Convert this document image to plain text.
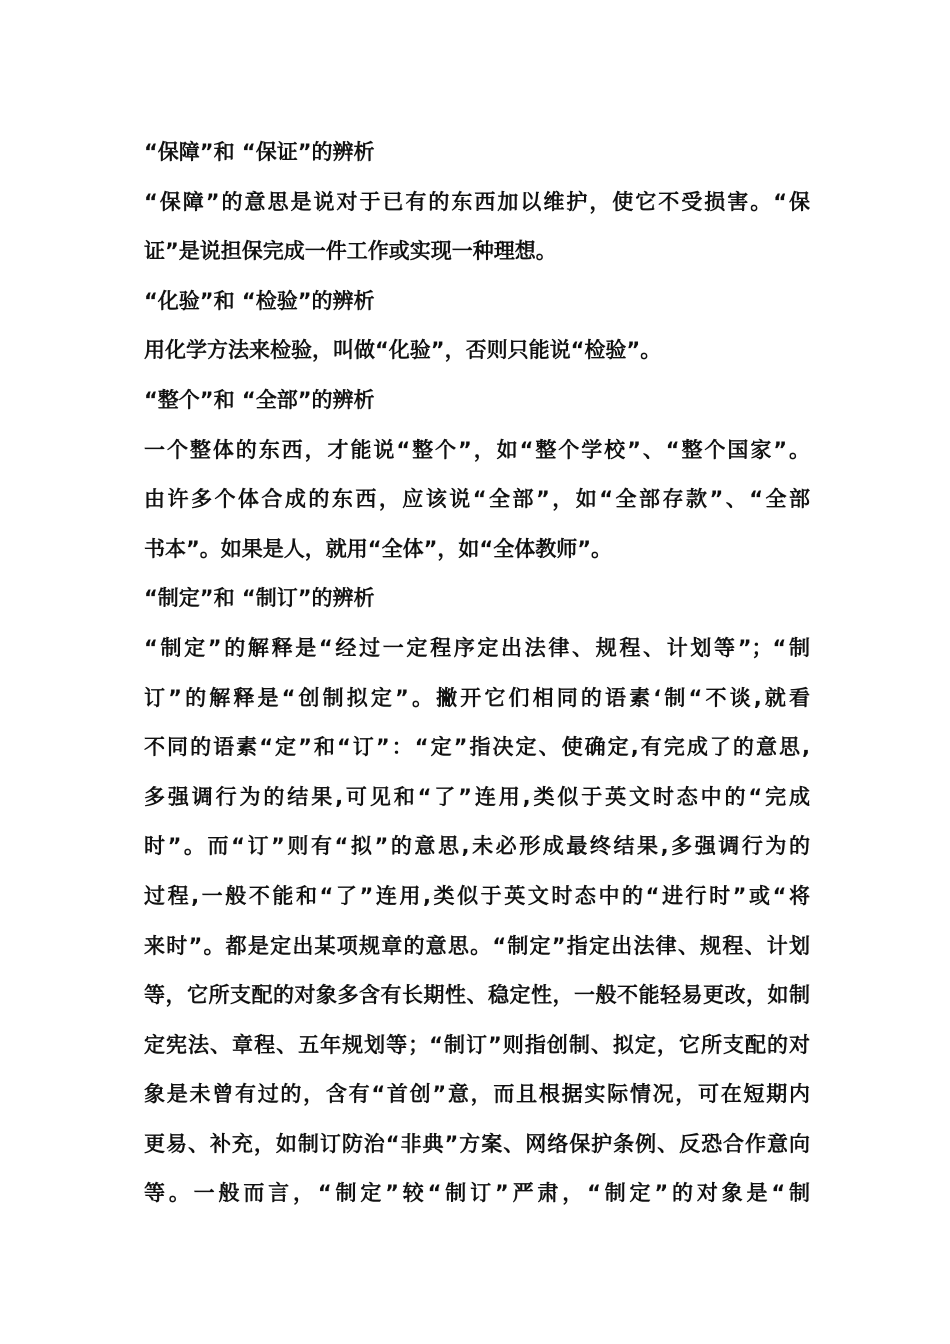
“保障”和 “保证”的辨析
“保障”的意思是说对于已有的东西加以维护，使它不受损害。“保
证”是说担保完成一件工作或实现一种理想。
“化验”和 “检验”的辨析
用化学方法来检验，叫做“化验”，否则只能说“检验”。
“整个”和 “全部”的辨析
一个整体的东西，才能说“整个”，如“整个学校”、“整个国家”。
由许多个体合成的东西，应该说“全部”，如“全部存款”、“全部
书本”。如果是人，就用“全体”，如“全体教师”。
“制定”和 “制订”的辨析
“制定”的解释是“经过一定程序定出法律、规程、计划等”；“制
订”的解释是“创制拟定”。撇开它们相同的语素‘制“不谈,就看
不同的语素“定”和“订”：“定”指决定、使确定,有完成了的意思,
多强调行为的结果,可见和“了”连用,类似于英文时态中的“完成
时”。而“订”则有“拟”的意思,未必形成最终结果,多强调行为的
过程,一般不能和“了”连用,类似于英文时态中的“进行时”或“将
来时”。都是定出某项规章的意思。“制定”指定出法律、规程、计划
等，它所支配的对象多含有长期性、稳定性，一般不能轻易更改，如制
定宪法、章程、五年规划等；“制订”则指创制、拟定，它所支配的对
象是未曾有过的，含有“首创”意，而且根据实际情况，可在短期内
更易、补充，如制订防治“非典”方案、网络保护条例、反恐合作意向
等。一般而言，“制定”较“制订”严肃，“制定”的对象是“制
